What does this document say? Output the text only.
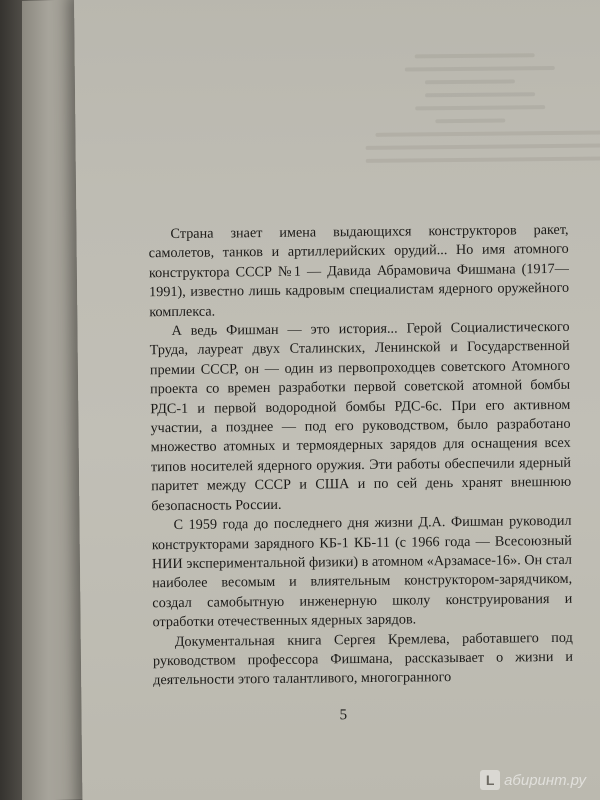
Страна знает имена выдающихся конструкторов ракет, самолетов, танков и артиллерийских орудий... Но имя атомного конструктора СССР №1 — Давида Абрамовича Фишмана (1917—1991), известно лишь кадровым специалистам ядерного оружейного комплекса.

А ведь Фишман — это история... Герой Социалистического Труда, лауреат двух Сталинских, Ленинской и Государственной премии СССР, он — один из первопроходцев советского Атомного проекта со времен разработки первой советской атомной бомбы РДС-1 и первой водородной бомбы РДС-6с. При его активном участии, а позднее — под его руководством, было разработано множество атомных и термоядерных зарядов для оснащения всех типов носителей ядерного оружия. Эти работы обеспечили ядерный паритет между СССР и США и по сей день хранят внешнюю безопасность России.

С 1959 года до последнего дня жизни Д.А. Фишман руководил конструкторами зарядного КБ-1 КБ-11 (с 1966 года — Всесоюзный НИИ экспериментальной физики) в атомном «Арзамасе-16». Он стал наиболее весомым и влиятельным конструктором-зарядчиком, создал самобытную инженерную школу конструирования и отработки отечественных ядерных зарядов.

Документальная книга Сергея Кремлева, работавшего под руководством профессора Фишмана, рассказывает о жизни и деятельности этого талантливого, многогранного

5
L абиринт.ру
